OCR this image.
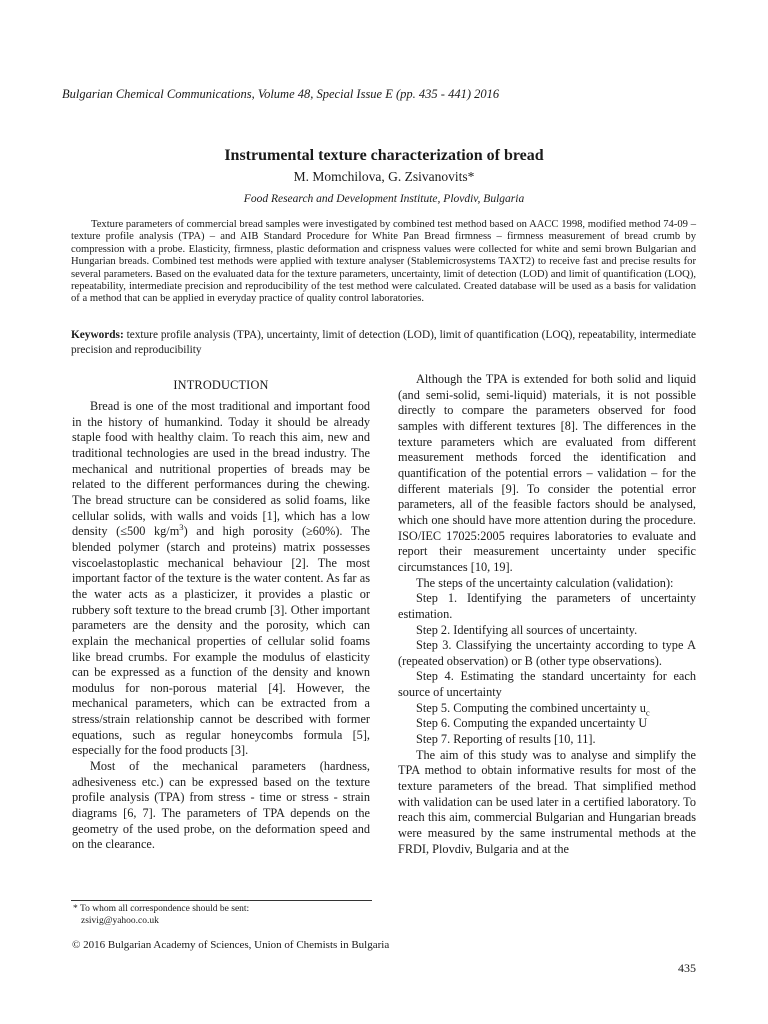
Bulgarian Chemical Communications, Volume 48, Special Issue E (pp. 435 - 441) 2016
Instrumental texture characterization of bread
M. Momchilova, G. Zsivanovits*
Food Research and Development Institute, Plovdiv, Bulgaria

Texture parameters of commercial bread samples were investigated by combined test method based on AACC 1998, modified method 74-09 – texture profile analysis (TPA) – and AIB Standard Procedure for White Pan Bread firmness – firmness measurement of bread crumb by compression with a probe. Elasticity, firmness, plastic deformation and crispness values were collected for white and semi brown Bulgarian and Hungarian breads. Combined test methods were applied with texture analyser (Stablemicrosystems TAXT2) to receive fast and precise results for several parameters. Based on the evaluated data for the texture parameters, uncertainty, limit of detection (LOD) and limit of quantification (LOQ), repeatability, intermediate precision and reproducibility of the test method were calculated. Created database will be used as a basis for validation of a method that can be applied in everyday practice of quality control laboratories.

Keywords: texture profile analysis (TPA), uncertainty, limit of detection (LOD), limit of quantification (LOQ), repeatability, intermediate precision and reproducibility

INTRODUCTION

Bread is one of the most traditional and important food in the history of humankind. Today it should be already staple food with healthy claim. To reach this aim, new and traditional technologies are used in the bread industry. The mechanical and nutritional properties of breads may be related to the different performances during the chewing. The bread structure can be considered as solid foams, like cellular solids, with walls and voids [1], which has a low density (≤500 $kg/m^3$) and high porosity (≥60%). The blended polymer (starch and proteins) matrix possesses viscoelastoplastic mechanical behaviour [2]. The most important factor of the texture is the water content. As far as the water acts as a plasticizer, it provides a plastic or rubbery soft texture to the bread crumb [3]. Other important parameters are the density and the porosity, which can explain the mechanical properties of cellular solid foams like bread crumbs. For example the modulus of elasticity can be expressed as a function of the density and known modulus for non-porous material [4]. However, the mechanical parameters, which can be extracted from a stress/strain relationship cannot be described with former equations, such as regular honeycombs formula [5], especially for the food products [3].

Most of the mechanical parameters (hardness, adhesiveness etc.) can be expressed based on the texture profile analysis (TPA) from stress - time or stress - strain diagrams [6, 7]. The parameters of TPA depends on the geometry of the used probe, on the deformation speed and on the clearance.

Although the TPA is extended for both solid and liquid (and semi-solid, semi-liquid) materials, it is not possible directly to compare the parameters observed for food samples with different textures [8]. The differences in the texture parameters which are evaluated from different measurement methods forced the identification and quantification of the potential errors – validation – for the different materials [9]. To consider the potential error parameters, all of the feasible factors should be analysed, which one should have more attention during the procedure. ISO/IEC 17025:2005 requires laboratories to evaluate and report their measurement uncertainty under specific circumstances [10, 19].

The steps of the uncertainty calculation (validation):

Step 1. Identifying the parameters of uncertainty estimation.

Step 2. Identifying all sources of uncertainty.

Step 3. Classifying the uncertainty according to type A (repeated observation) or B (other type observations).

Step 4. Estimating the standard uncertainty for each source of uncertainty

Step 5. Computing the combined uncertainty $u_c$

Step 6. Computing the expanded uncertainty U

Step 7. Reporting of results [10, 11].

The aim of this study was to analyse and simplify the TPA method to obtain informative results for most of the texture parameters of the bread. That simplified method with validation can be used later in a certified laboratory. To reach this aim, commercial Bulgarian and Hungarian breads were measured by the same instrumental methods at the FRDI, Plovdiv, Bulgaria and at the

* To whom all correspondence should be sent:
zsivig@yahoo.co.uk
© 2016 Bulgarian Academy of Sciences, Union of Chemists in Bulgaria
435
